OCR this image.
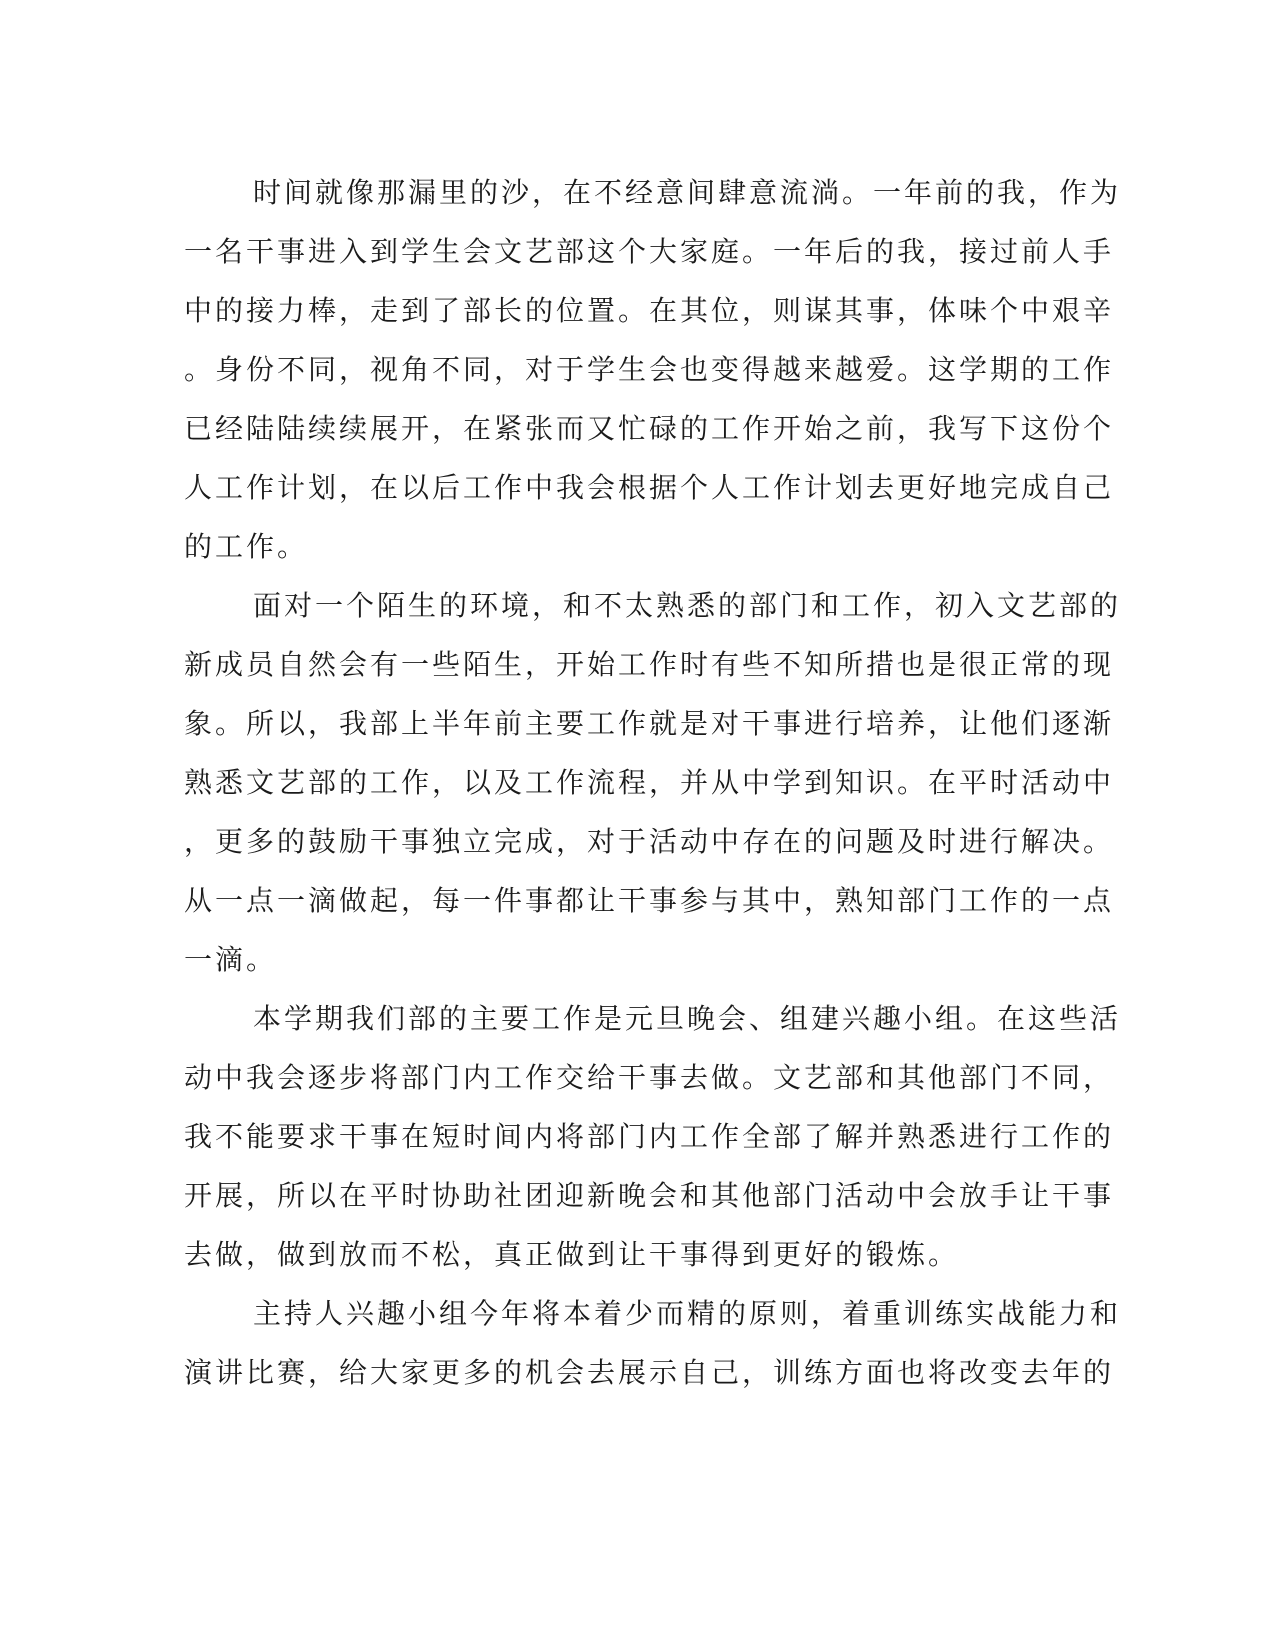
时间就像那漏里的沙，在不经意间肆意流淌。一年前的我，作为
一名干事进入到学生会文艺部这个大家庭。一年后的我，接过前人手
中的接力棒，走到了部长的位置。在其位，则谋其事，体味个中艰辛
。身份不同，视角不同，对于学生会也变得越来越爱。这学期的工作
已经陆陆续续展开，在紧张而又忙碌的工作开始之前，我写下这份个
人工作计划，在以后工作中我会根据个人工作计划去更好地完成自己
的工作。
面对一个陌生的环境，和不太熟悉的部门和工作，初入文艺部的
新成员自然会有一些陌生，开始工作时有些不知所措也是很正常的现
象。所以，我部上半年前主要工作就是对干事进行培养，让他们逐渐
熟悉文艺部的工作，以及工作流程，并从中学到知识。在平时活动中
，更多的鼓励干事独立完成，对于活动中存在的问题及时进行解决。
从一点一滴做起，每一件事都让干事参与其中，熟知部门工作的一点
一滴。
本学期我们部的主要工作是元旦晚会、组建兴趣小组。在这些活
动中我会逐步将部门内工作交给干事去做。文艺部和其他部门不同，
我不能要求干事在短时间内将部门内工作全部了解并熟悉进行工作的
开展，所以在平时协助社团迎新晚会和其他部门活动中会放手让干事
去做，做到放而不松，真正做到让干事得到更好的锻炼。
主持人兴趣小组今年将本着少而精的原则，着重训练实战能力和
演讲比赛，给大家更多的机会去展示自己，训练方面也将改变去年的
